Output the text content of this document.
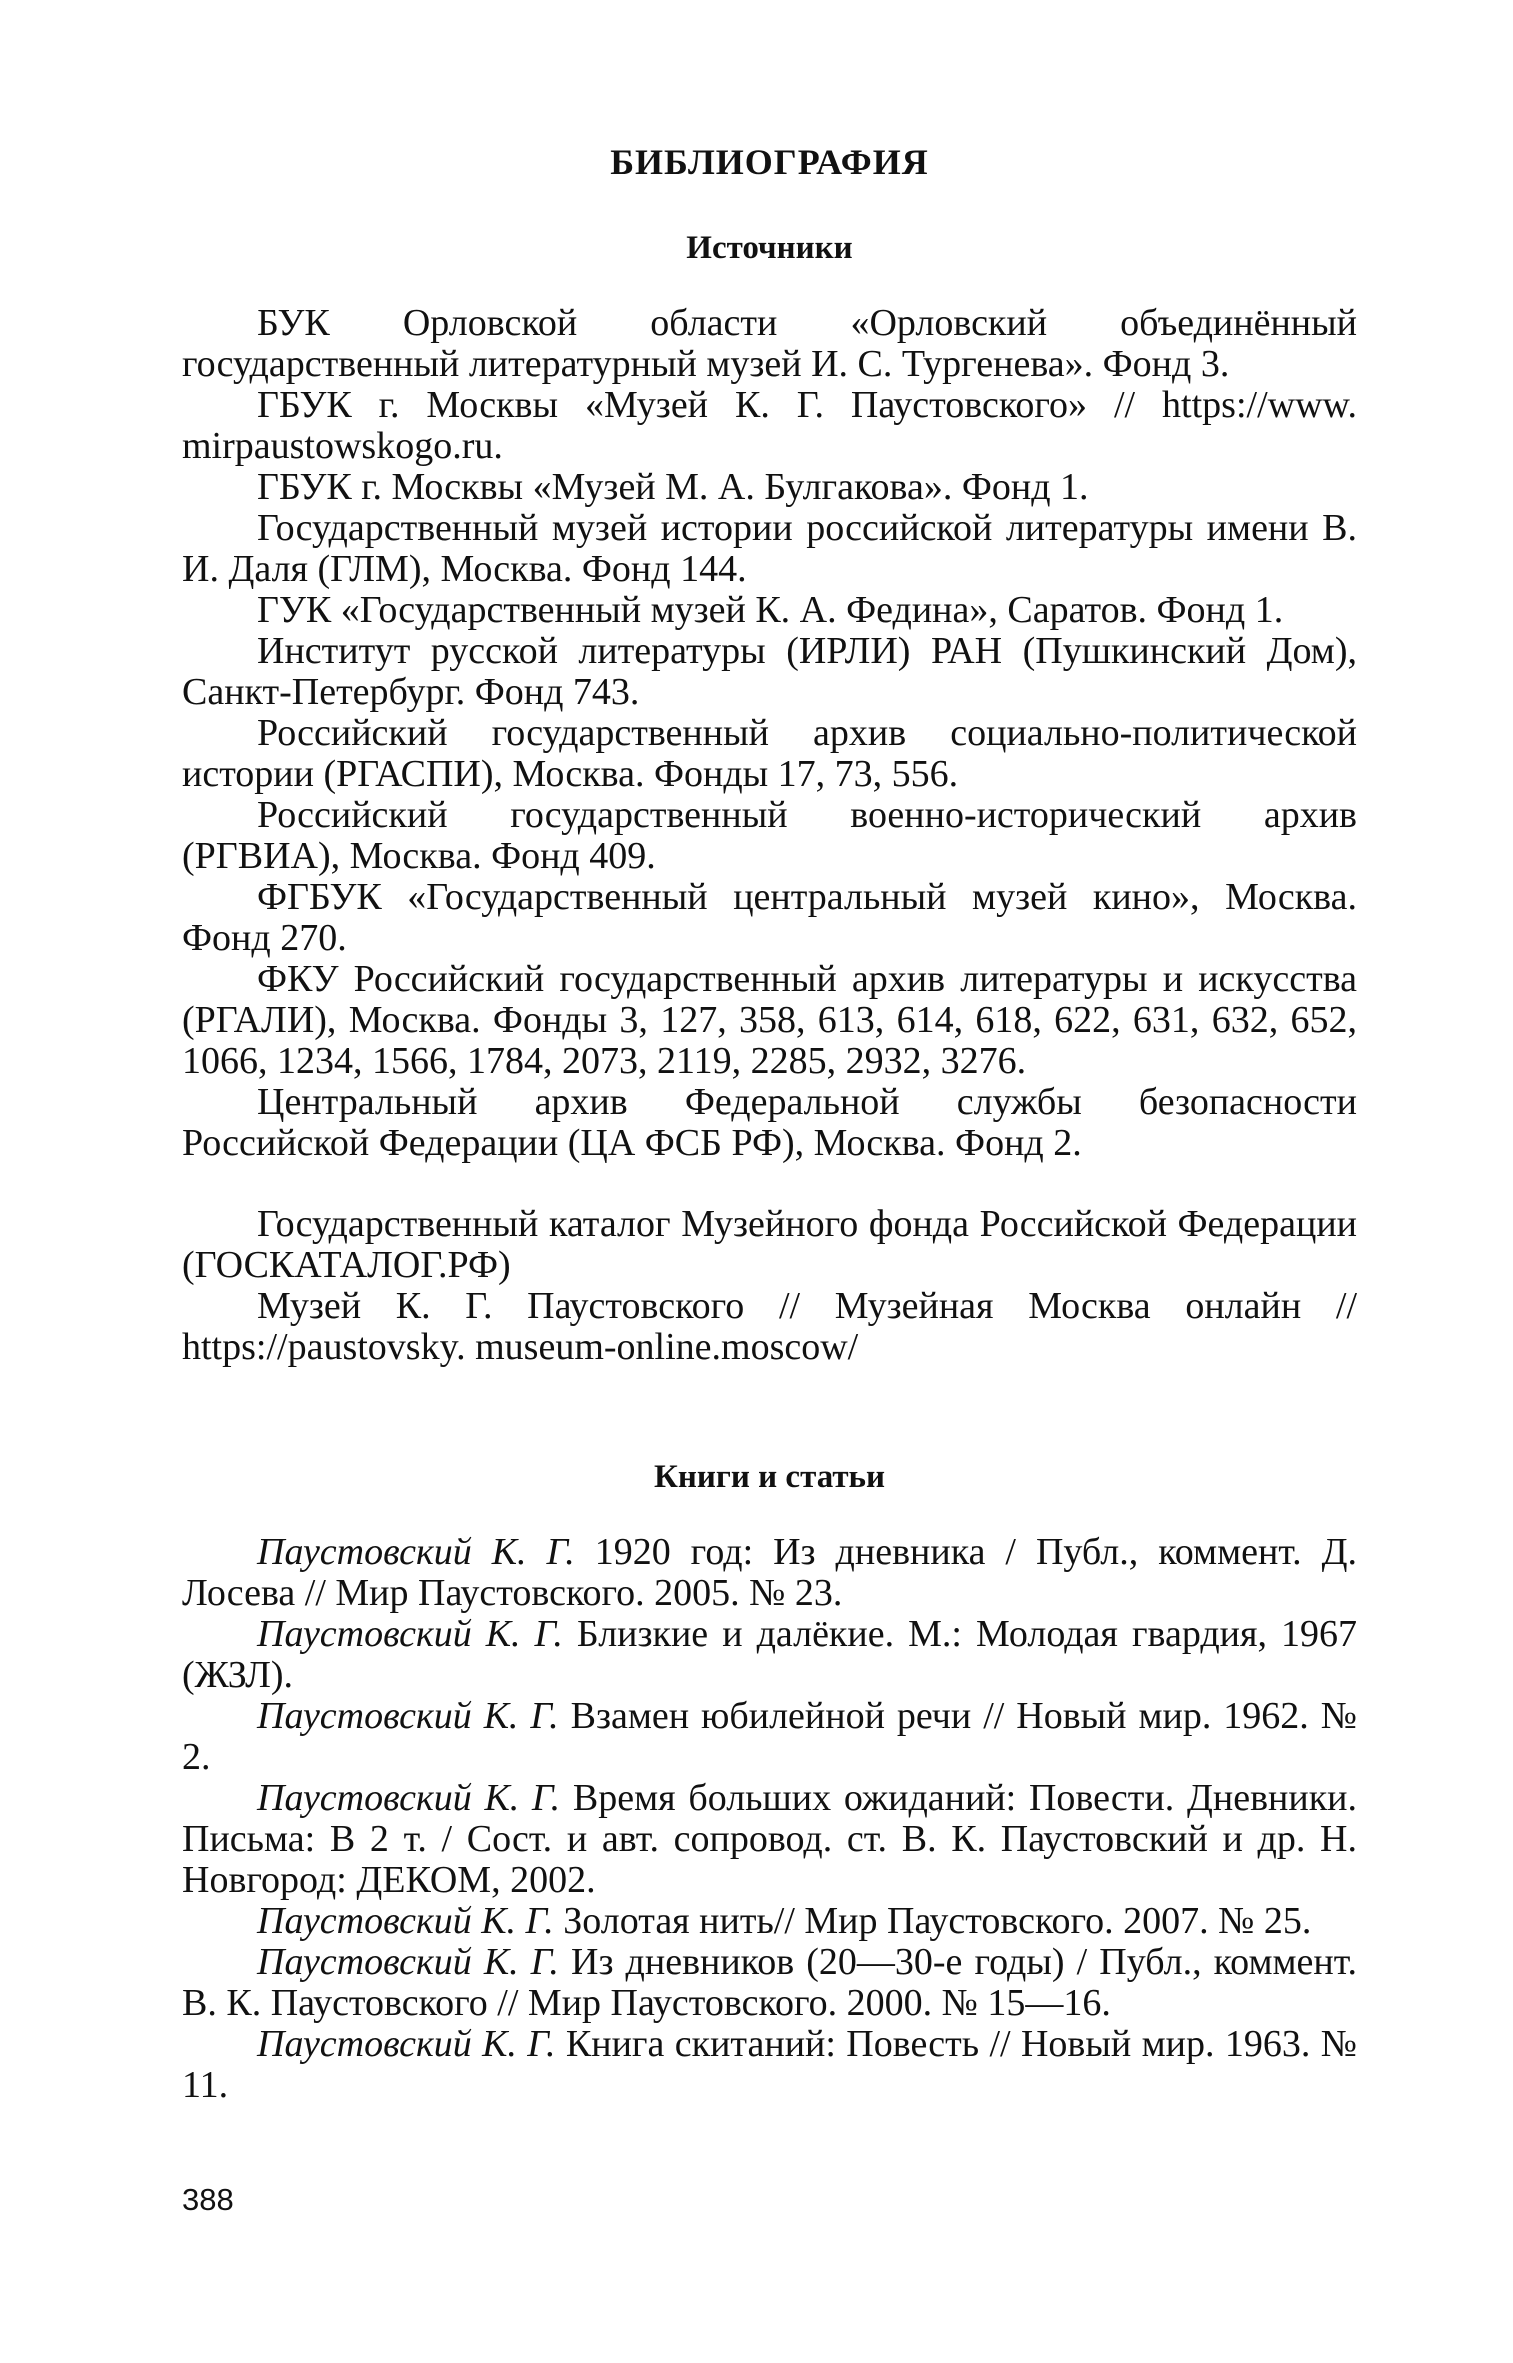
БИБЛИОГРАФИЯ
Источники

БУК Орловской области «Орловский объединённый государственный литературный музей И. С. Тургенева». Фонд 3.

ГБУК г. Москвы «Музей К. Г. Паустовского» // https://www. mirpaustowskogo.ru.

ГБУК г. Москвы «Музей М. А. Булгакова». Фонд 1.

Государственный музей истории российской литературы имени В. И. Даля (ГЛМ), Москва. Фонд 144.

ГУК «Государственный музей К. А. Федина», Саратов. Фонд 1.

Институт русской литературы (ИРЛИ) РАН (Пушкинский Дом), Санкт-Петербург. Фонд 743.

Российский государственный архив социально-политической истории (РГАСПИ), Москва. Фонды 17, 73, 556.

Российский государственный военно-исторический архив (РГВИА), Москва. Фонд 409.

ФГБУК «Государственный центральный музей кино», Москва. Фонд 270.

ФКУ Российский государственный архив литературы и искусства (РГАЛИ), Москва. Фонды 3, 127, 358, 613, 614, 618, 622, 631, 632, 652, 1066, 1234, 1566, 1784, 2073, 2119, 2285, 2932, 3276.

Центральный архив Федеральной службы безопасности Российской Федерации (ЦА ФСБ РФ), Москва. Фонд 2.

Государственный каталог Музейного фонда Российской Федерации (ГОСКАТАЛОГ.РФ)

Музей К. Г. Паустовского // Музейная Москва онлайн // https://paustovsky. museum-online.moscow/

Книги и статьи

Паустовский К. Г. 1920 год: Из дневника / Публ., коммент. Д. Лосева // Мир Паустовского. 2005. № 23.

Паустовский К. Г. Близкие и далёкие. М.: Молодая гвардия, 1967 (ЖЗЛ).

Паустовский К. Г. Взамен юбилейной речи // Новый мир. 1962. № 2.

Паустовский К. Г. Время больших ожиданий: Повести. Дневники. Письма: В 2 т. / Сост. и авт. сопровод. ст. В. К. Паустовский и др. Н. Новгород: ДЕКОМ, 2002.

Паустовский К. Г. Золотая нить// Мир Паустовского. 2007. № 25.

Паустовский К. Г. Из дневников (20—30-е годы) / Публ., коммент. В. К. Паустовского // Мир Паустовского. 2000. № 15—16.

Паустовский К. Г. Книга скитаний: Повесть // Новый мир. 1963. № 11.

388
